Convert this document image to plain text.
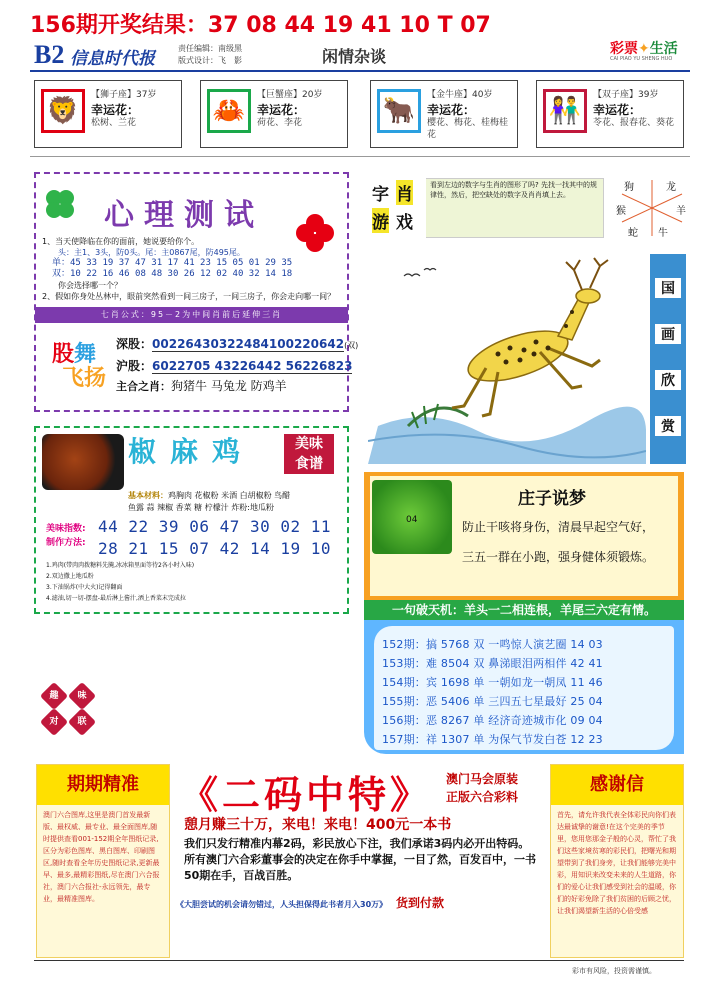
156期开奖结果：37 08 44 19 41 10 T 07
B2 信息时代报
责任编辑：南级黑
版式设计：飞　影	闲情杂谈	彩票✦生活
CAI PIAO YU SHENG HUO
🦁
【狮子座】37岁
幸运花：
松树、兰花	🦀
【巨蟹座】20岁
幸运花：
荷花、李花	🐂
【金牛座】40岁
幸运花：
樱花、梅花、桂梅桂花
👫
【双子座】39岁
幸运花：
苓花、报春花、葵花
心理测试
1、当天使降临在你的面前，她说要给你个。
头：主1、3头，防0头。尾：主0867尾，防495尾。
单：45 33 19 37 47 31 17 41 23 15 05 01 29 35
双：10 22 16 46 08 48 30 26 12 02 40 32 14 18
你会选择哪一个？
2、假如你身处丛林中，眼前突然看到一间三房子，一间三房子，你会走向哪一间？
七肖公式：95－2为中间肖前后延伸三肖
股舞
飞扬
深股：00226430322484100220642(双)
沪股：6022705 43226442 56226823
主合之肖：狗猪牛 马兔龙 防鸡羊
椒麻鸡	美味
食谱
基本材料：鸡胸肉 花椒粉 米酒 白胡椒粉 鸟醋
鱼露 蒜 辣椒 香菜 糖 柠檬汁 炸粉:地瓜粉
美味指数:
制作方法:
44 22 39 06 47 30 02 11
28 21 15 07 42 14 19 10
1.鸡肉(带肉肉拨糖料先腌,冰冰箱里面等待2各小时入味)
2.双边撒上地瓜粉
3.下油锅炸(中大火)记得翻面
4.滤油,切一切-摆盘-最后淋上酱汁,洒上香菜末完成拉
趣	味
对	联
字 肖
游 戏
看到左边的数字与生肖的图形了吗? 先找一找其中的规律性，然后，把空缺处的数字及肖肖填上去。
狗	龙
羊
牛
蛇
猴
国
画
欣
赏
04
庄子说梦
防止干咳将身伤，清晨早起空气好，
三五一群在小跑，强身健体须锻炼。
一句破天机：羊头一二相连根，羊尾三六定有情。
152期：搞 5768 双 一鸣惊人演艺圈 14 03
153期：难 8504 双 鼻涕眼泪两相伴 42 41
154期：宾 1698 单 一朝如龙一朝凤 11 46
155期：恶 5406 单 三四五七星最好 25 04
156期：恶 8267 单 经济奇迹城市化 09 04
157期：祥 1307 单 为保气节发白苍 12 23
期期精准
澳门六合图库,这里是澳门首发最新版、最权威、最专业、最全面图库,随时提供查看001-152期全年图纸记录,区分为彩色图库、黑白图库、印刷图区,随时查看全年历史图纸记录,更新最早、最多,最精彩图纸,尽在澳门六合报社，澳门六合报社-永远领先，最专业，最精准图库。
感谢信
首先，请允许我代表全体彩民向你们表达最诚挚的谢意!在这个完美的季节里，您用您那金子般的心灵，帮忙了我们这些家境贫寒的彩民们，把曙光和期望带到了我们身旁，让我们能够完美中彩，用知识来改变未来的人生道路，你们的爱心让我们感受到社会的温暖，你们的好彩免除了我们贫困的后顾之忧，让我们渴望新生活的心倍受感
《二码中特》 澳门马会原装
正版六合彩料
憩月赚三十万，来电！来电！400元一本书
我们只发行精准内幕2码，彩民放心下注，我们承诺3码内必开出特码。所有澳门六合彩董事会的决定在你手中掌握，一目了然，百发百中，一书50期在手，百战百胜。
《大胆尝试的机会请勿错过，人头担保得此书者月入30万》 货到付款
彩市有风险，投资需谨慎。
